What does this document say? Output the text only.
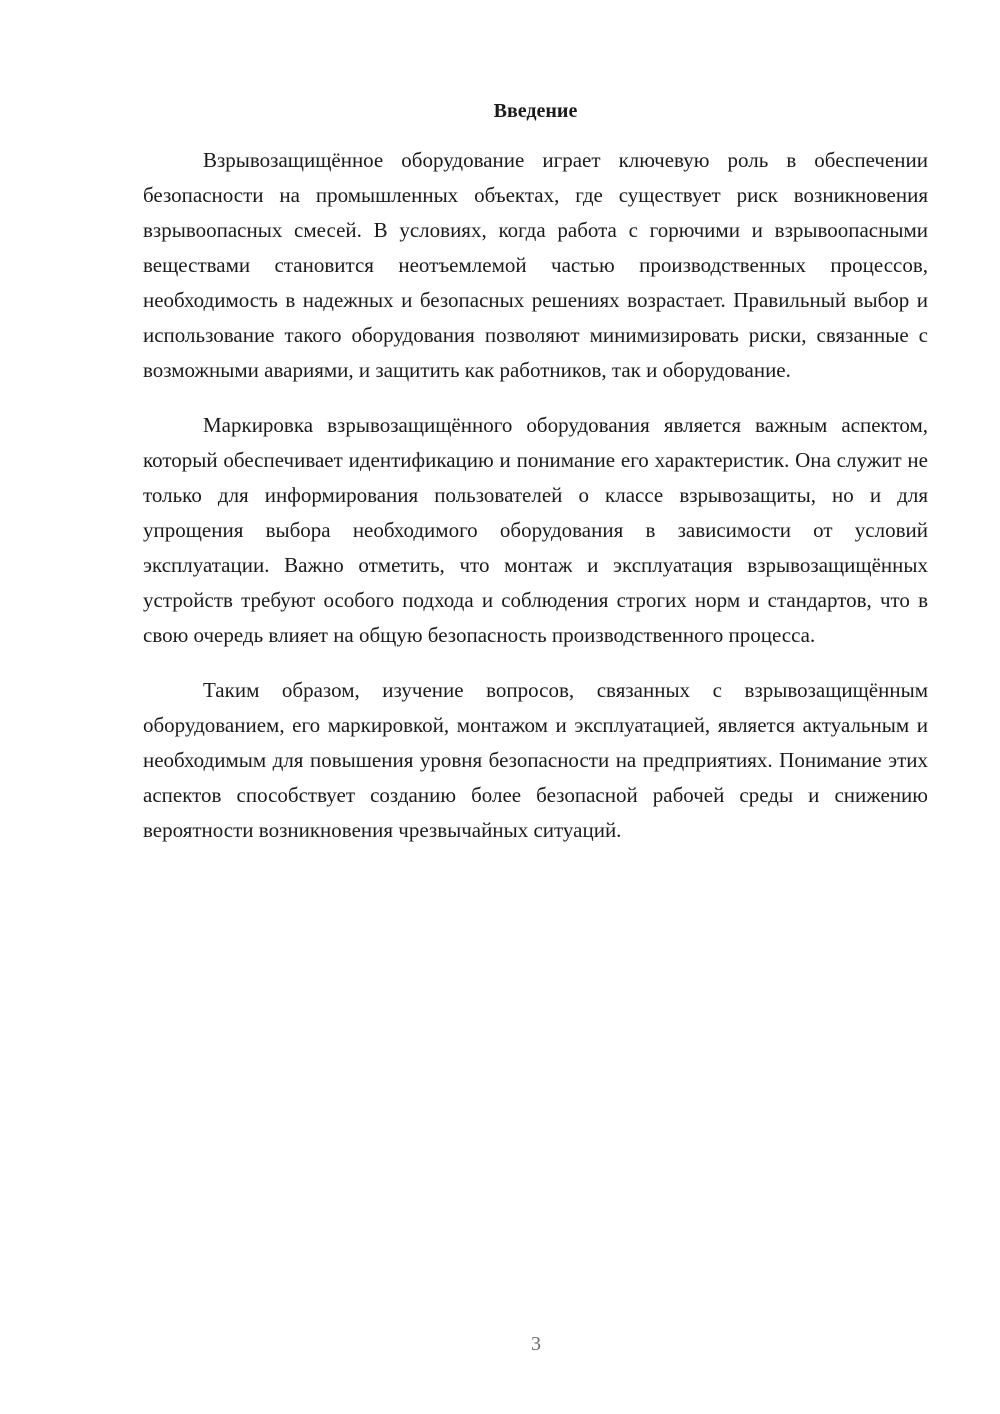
Введение

Взрывозащищённое оборудование играет ключевую роль в обеспечении безопасности на промышленных объектах, где существует риск возникновения взрывоопасных смесей. В условиях, когда работа с горючими и взрывоопасными веществами становится неотъемлемой частью производственных процессов, необходимость в надежных и безопасных решениях возрастает. Правильный выбор и использование такого оборудования позволяют минимизировать риски, связанные с возможными авариями, и защитить как работников, так и оборудование.

Маркировка взрывозащищённого оборудования является важным аспектом, который обеспечивает идентификацию и понимание его характеристик. Она служит не только для информирования пользователей о классе взрывозащиты, но и для упрощения выбора необходимого оборудования в зависимости от условий эксплуатации. Важно отметить, что монтаж и эксплуатация взрывозащищённых устройств требуют особого подхода и соблюдения строгих норм и стандартов, что в свою очередь влияет на общую безопасность производственного процесса.

Таким образом, изучение вопросов, связанных с взрывозащищённым оборудованием, его маркировкой, монтажом и эксплуатацией, является актуальным и необходимым для повышения уровня безопасности на предприятиях. Понимание этих аспектов способствует созданию более безопасной рабочей среды и снижению вероятности возникновения чрезвычайных ситуаций.

3
